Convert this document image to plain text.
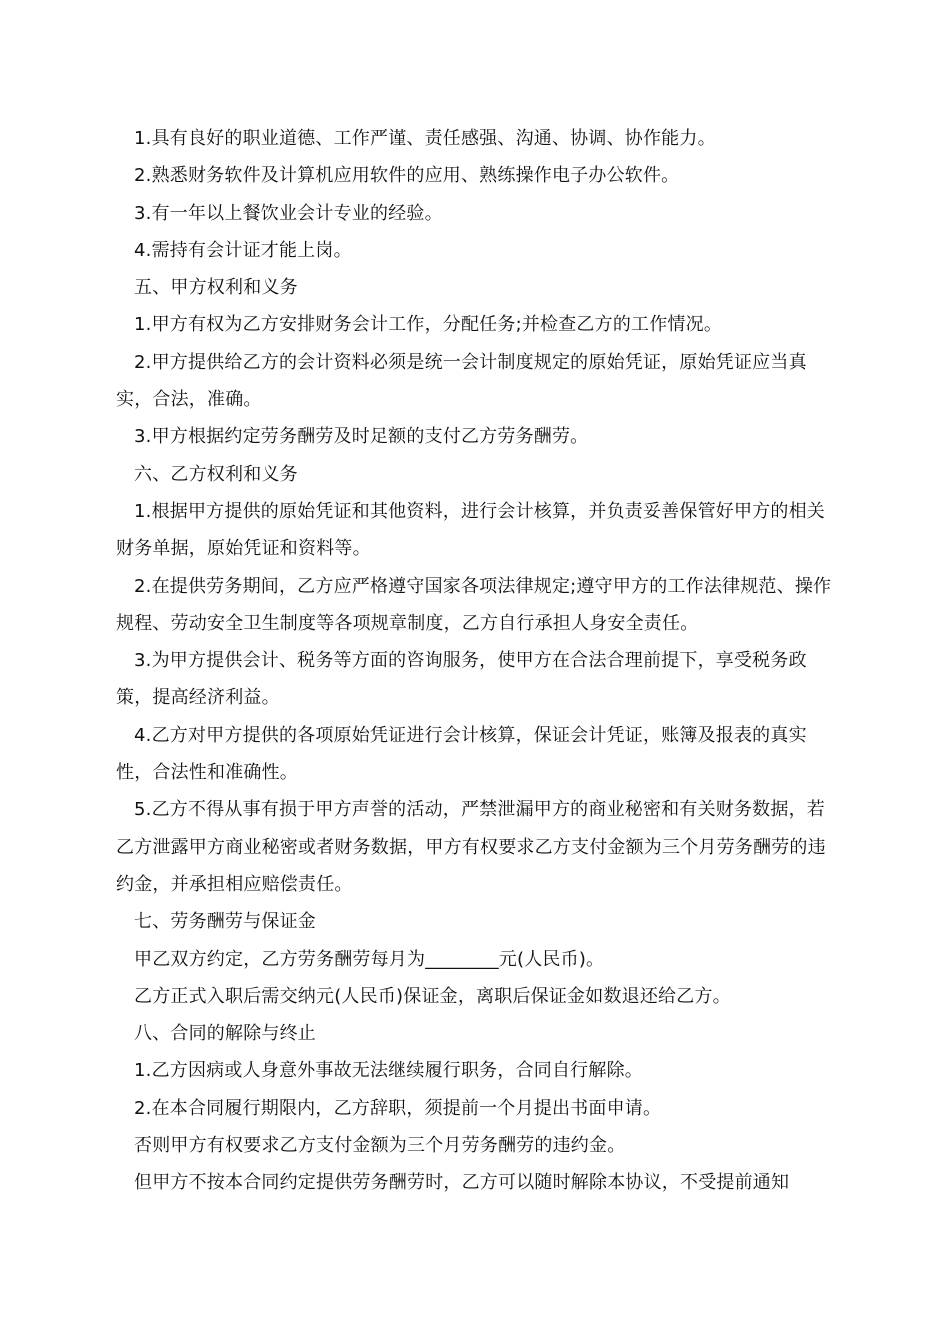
1.具有良好的职业道德、工作严谨、责任感强、沟通、协调、协作能力。

2.熟悉财务软件及计算机应用软件的应用、熟练操作电子办公软件。

3.有一年以上餐饮业会计专业的经验。

4.需持有会计证才能上岗。

五、甲方权利和义务

1.甲方有权为乙方安排财务会计工作，分配任务;并检查乙方的工作情况。

2.甲方提供给乙方的会计资料必须是统一会计制度规定的原始凭证，原始凭证应当真实，合法，准确。

3.甲方根据约定劳务酬劳及时足额的支付乙方劳务酬劳。

六、乙方权利和义务

1.根据甲方提供的原始凭证和其他资料，进行会计核算，并负责妥善保管好甲方的相关财务单据，原始凭证和资料等。

2.在提供劳务期间，乙方应严格遵守国家各项法律规定;遵守甲方的工作法律规范、操作规程、劳动安全卫生制度等各项规章制度，乙方自行承担人身安全责任。

3.为甲方提供会计、税务等方面的咨询服务，使甲方在合法合理前提下，享受税务政策，提高经济利益。

4.乙方对甲方提供的各项原始凭证进行会计核算，保证会计凭证，账簿及报表的真实性，合法性和准确性。

5.乙方不得从事有损于甲方声誉的活动，严禁泄漏甲方的商业秘密和有关财务数据，若乙方泄露甲方商业秘密或者财务数据，甲方有权要求乙方支付金额为三个月劳务酬劳的违约金，并承担相应赔偿责任。

七、劳务酬劳与保证金

甲乙双方约定，乙方劳务酬劳每月为________元(人民币)。

乙方正式入职后需交纳元(人民币)保证金，离职后保证金如数退还给乙方。

八、合同的解除与终止

1.乙方因病或人身意外事故无法继续履行职务，合同自行解除。

2.在本合同履行期限内，乙方辞职，须提前一个月提出书面申请。

否则甲方有权要求乙方支付金额为三个月劳务酬劳的违约金。

但甲方不按本合同约定提供劳务酬劳时，乙方可以随时解除本协议，不受提前通知
